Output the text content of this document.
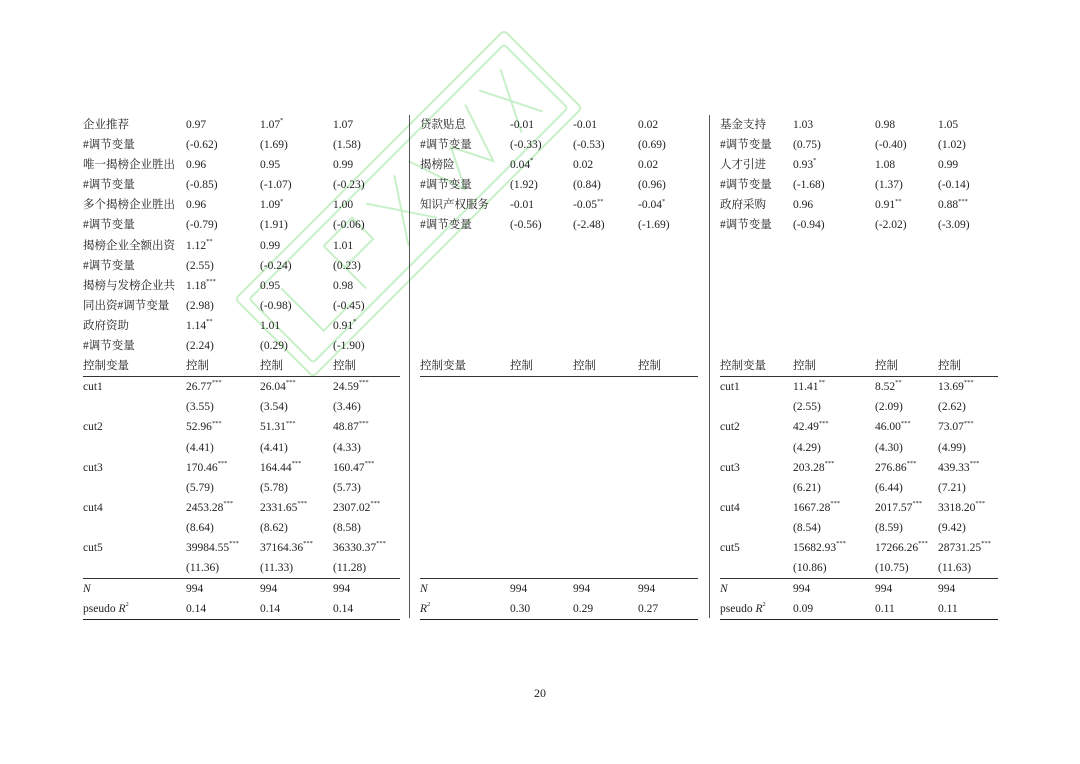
企业推荐	0.97	1.07*	1.07
#调节变量	(-0.62)	(1.69)	(1.58)
唯一揭榜企业胜出 0.96	0.95	0.99
#调节变量	(-0.85)	(-1.07)	(-0.23)
多个揭榜企业胜出 0.96	1.09*	1.00
#调节变量	(-0.79)	(1.91)	(-0.06)
揭榜企业全额出资 1.12**	0.99	1.01
#调节变量	(2.55)	(-0.24)	(0.23)
揭榜与发榜企业共 1.18***	0.95	0.98
同出资#调节变量 (2.98)	(-0.98)	(-0.45)
政府资助	1.14**	1.01	0.91*
#调节变量	(2.24)	(0.29)	(-1.90)
控制变量	控制	控制	控制
cut1	26.77***	26.04***	24.59***
(3.55)	(3.54)	(3.46)
cut2	52.96***	51.31***	48.87***
(4.41)	(4.41)	(4.33)
cut3	170.46***	164.44***	160.47***
(5.79)	(5.78)	(5.73)
cut4	2453.28*** 2331.65*** 2307.02***
(8.64)	(8.62)	(8.58)
cut5	39984.55*** 37164.36*** 36330.37***
(11.36)	(11.33)	(11.28)
N	994	994	994
pseudo $R^2$	0.14	0.14	0.14
贷款贴息	-0.01	-0.01	0.02
#调节变量	(-0.33)	(-0.53)	(0.69)
揭榜险	0.04*	0.02	0.02
#调节变量	(1.92)	(0.84)	(0.96)
知识产权服务 -0.01	-0.05**	-0.04*
#调节变量	(-0.56)	(-2.48)	(-1.69)
控制变量	控制	控制	控制
N	994	994	994
$R^2$	0.30	0.29	0.27
基金支持 1.03	0.98	1.05
#调节变量 (0.75)	(-0.40)	(1.02)
人才引进 0.93*	1.08	0.99
#调节变量 (-1.68)	(1.37)	(-0.14)
政府采购 0.96	0.91**	0.88***
#调节变量 (-0.94)	(-2.02)	(-3.09)
控制变量 控制	控制	控制
cut1	11.41**	8.52**	13.69***
(2.55)	(2.09)	(2.62)
cut2	42.49***	46.00*** 73.07***
(4.29)	(4.30)	(4.99)
cut3	203.28***	276.86*** 439.33***
(6.21)	(6.44)	(7.21)
cut4	1667.28***	2017.57*** 3318.20***
(8.54)	(8.59)	(9.42)
cut5	15682.93***	17266.26*** 28731.25***
(10.86)	(10.75)	(11.63)
N	994	994	994
pseudo $R^2$ 0.09	0.11	0.11
20
